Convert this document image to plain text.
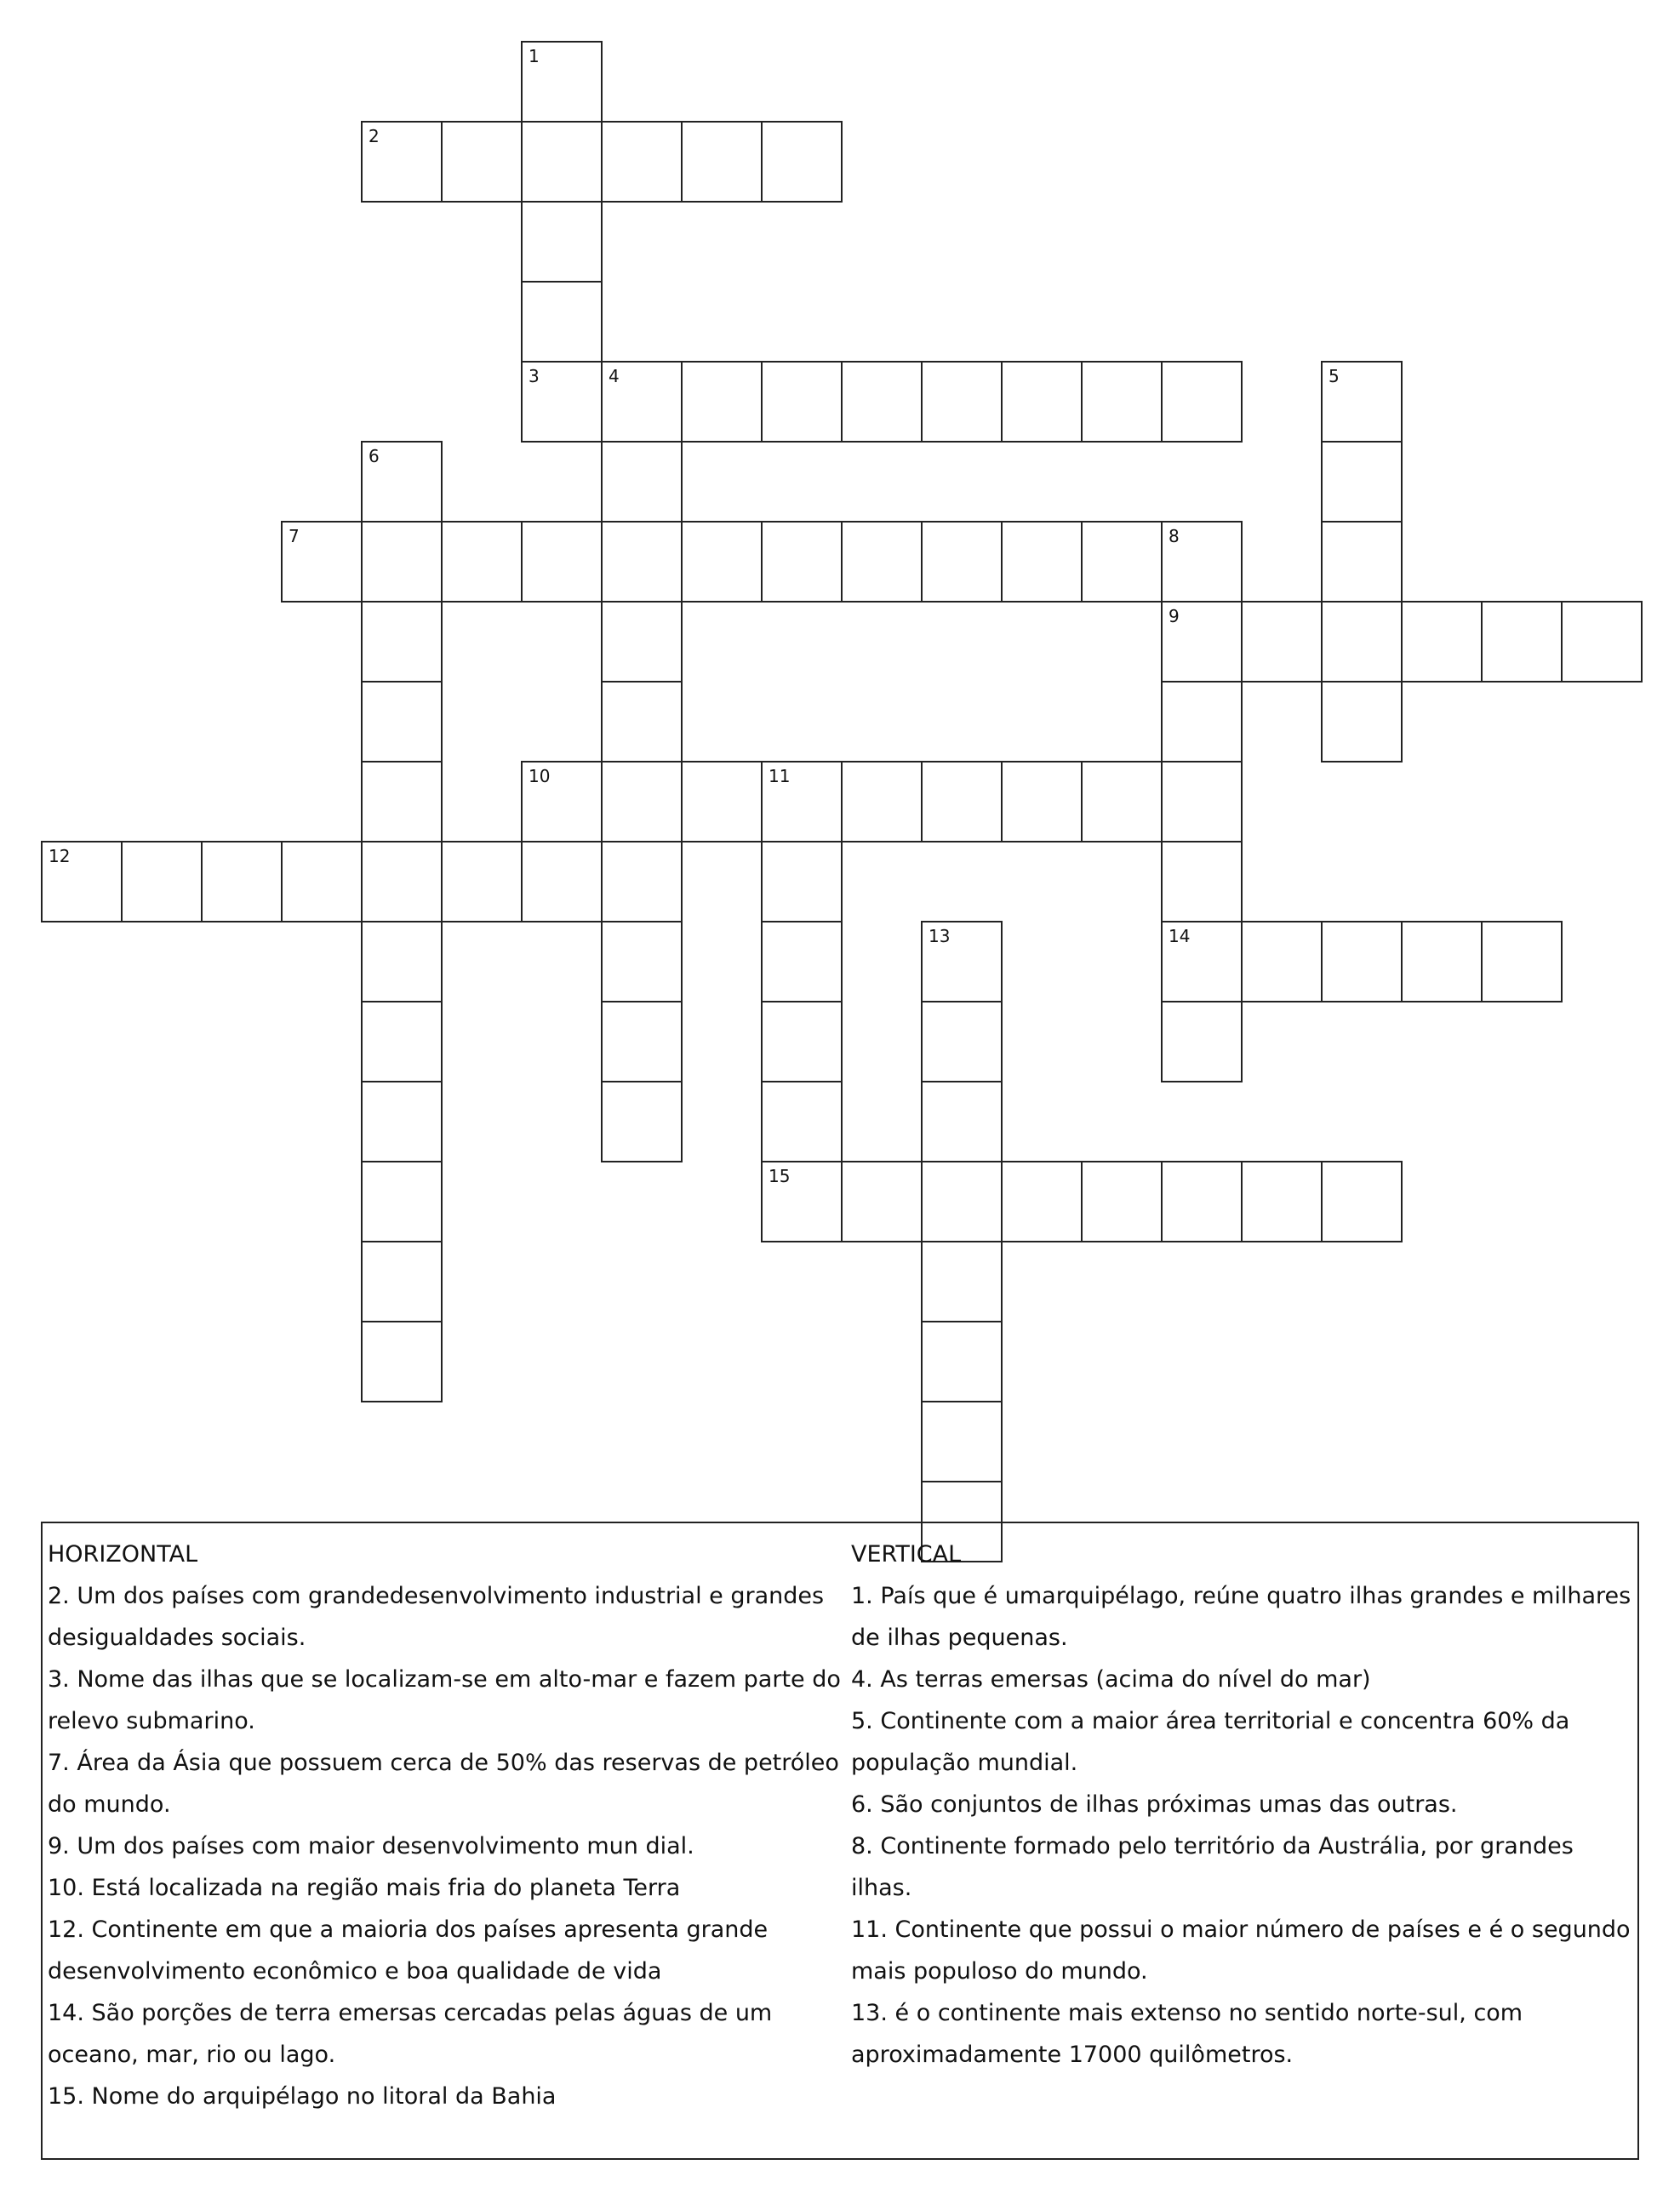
1
3
2
4	5
6
7	8
9
14
10	11
15
12
13
HORIZONTAL
2. Um dos países com grandedesenvolvimento industrial e grandes
desigualdades sociais.
3. Nome das ilhas que se localizam-se em alto-mar e fazem parte do
relevo submarino.
7. Área da Ásia que possuem cerca de 50% das reservas de petróleo
do mundo.
9. Um dos países com maior desenvolvimento mun dial.
10. Está localizada na região mais fria do planeta Terra
12. Continente em que a maioria dos países apresenta grande
desenvolvimento econômico e boa qualidade de vida
14. São porções de terra emersas cercadas pelas águas de um
oceano, mar, rio ou lago.
15. Nome do arquipélago no litoral da Bahia
VERTICAL
1. País que é umarquipélago, reúne quatro ilhas grandes e milhares
de ilhas pequenas.
4. As terras emersas (acima do nível do mar)
5. Continente com a maior área territorial e concentra 60% da
população mundial.
6. São conjuntos de ilhas próximas umas das outras.
8. Continente formado pelo território da Austrália, por grandes
ilhas.
11. Continente que possui o maior número de países e é o segundo
mais populoso do mundo.
13. é o continente mais extenso no sentido norte-sul, com
aproximadamente 17000 quilômetros.
